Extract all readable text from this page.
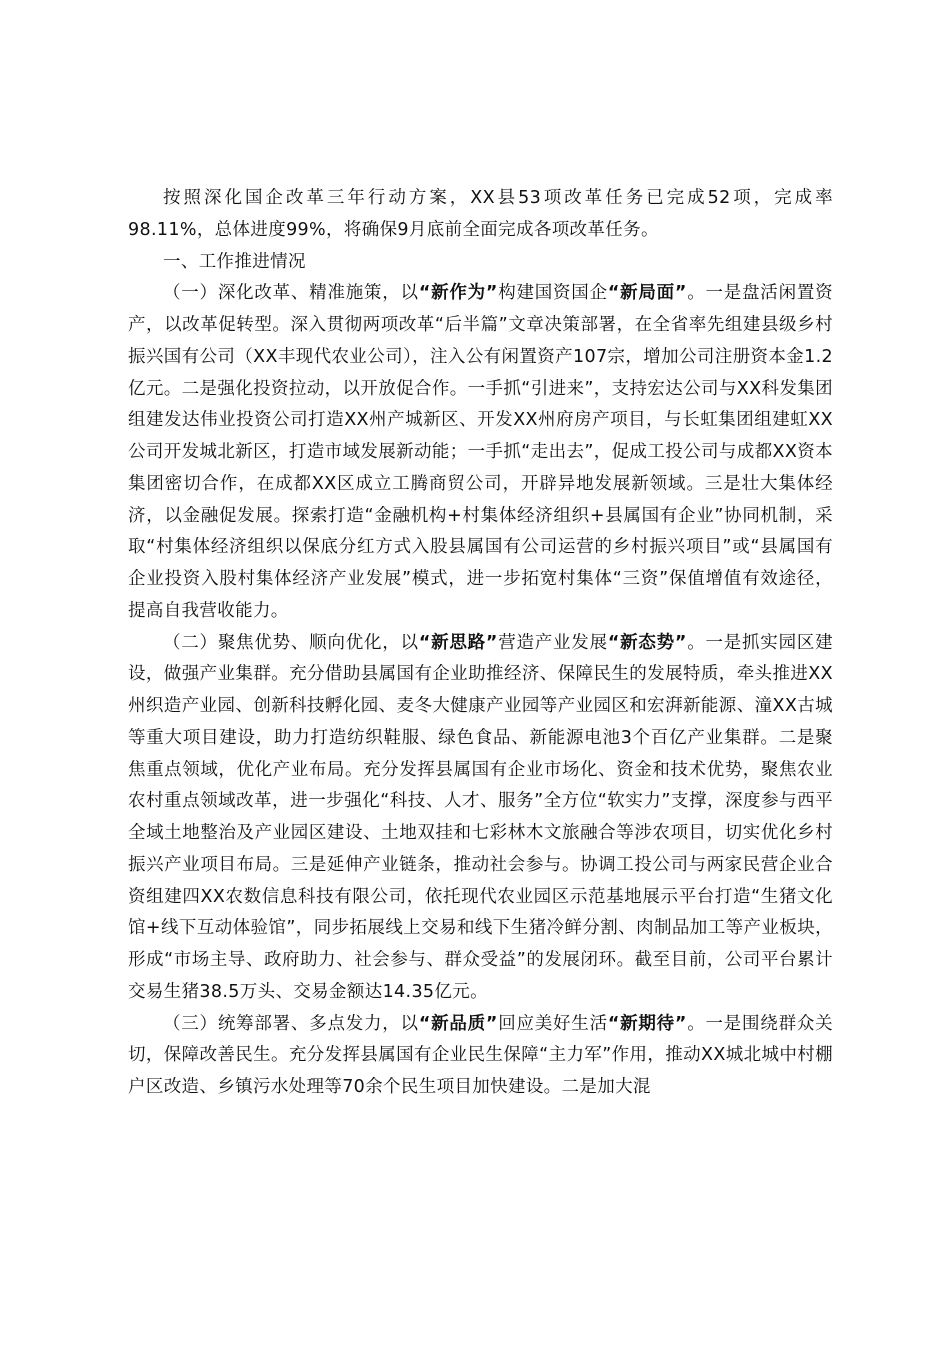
按照深化国企改革三年行动方案，XX县53项改革任务已完成52项，完成率98.11%，总体进度99%，将确保9月底前全面完成各项改革任务。

一、工作推进情况

（一）深化改革、精准施策，以“新作为”构建国资国企“新局面”。一是盘活闲置资产，以改革促转型。深入贯彻两项改革“后半篇”文章决策部署，在全省率先组建县级乡村振兴国有公司（XX丰现代农业公司），注入公有闲置资产107宗，增加公司注册资本金1.2亿元。二是强化投资拉动，以开放促合作。一手抓“引进来”，支持宏达公司与XX科发集团组建发达伟业投资公司打造XX州产城新区、开发XX州府房产项目，与长虹集团组建虹XX公司开发城北新区，打造市域发展新动能；一手抓“走出去”，促成工投公司与成都XX资本集团密切合作，在成都XX区成立工腾商贸公司，开辟异地发展新领域。三是壮大集体经济，以金融促发展。探索打造“金融机构+村集体经济组织+县属国有企业”协同机制，采取“村集体经济组织以保底分红方式入股县属国有公司运营的乡村振兴项目”或“县属国有企业投资入股村集体经济产业发展”模式，进一步拓宽村集体“三资”保值增值有效途径，提高自我营收能力。

（二）聚焦优势、顺向优化，以“新思路”营造产业发展“新态势”。一是抓实园区建设，做强产业集群。充分借助县属国有企业助推经济、保障民生的发展特质，牵头推进XX州织造产业园、创新科技孵化园、麦冬大健康产业园等产业园区和宏湃新能源、潼XX古城等重大项目建设，助力打造纺织鞋服、绿色食品、新能源电池3个百亿产业集群。二是聚焦重点领域，优化产业布局。充分发挥县属国有企业市场化、资金和技术优势，聚焦农业农村重点领域改革，进一步强化“科技、人才、服务”全方位“软实力”支撑，深度参与西平全域土地整治及产业园区建设、土地双挂和七彩林木文旅融合等涉农项目，切实优化乡村振兴产业项目布局。三是延伸产业链条，推动社会参与。协调工投公司与两家民营企业合资组建四XX农数信息科技有限公司，依托现代农业园区示范基地展示平台打造“生猪文化馆+线下互动体验馆”，同步拓展线上交易和线下生猪冷鲜分割、肉制品加工等产业板块，形成“市场主导、政府助力、社会参与、群众受益”的发展闭环。截至目前，公司平台累计交易生猪38.5万头、交易金额达14.35亿元。

（三）统筹部署、多点发力，以“新品质”回应美好生活“新期待”。一是围绕群众关切，保障改善民生。充分发挥县属国有企业民生保障“主力军”作用，推动XX城北城中村棚户区改造、乡镇污水处理等70余个民生项目加快建设。二是加大混
